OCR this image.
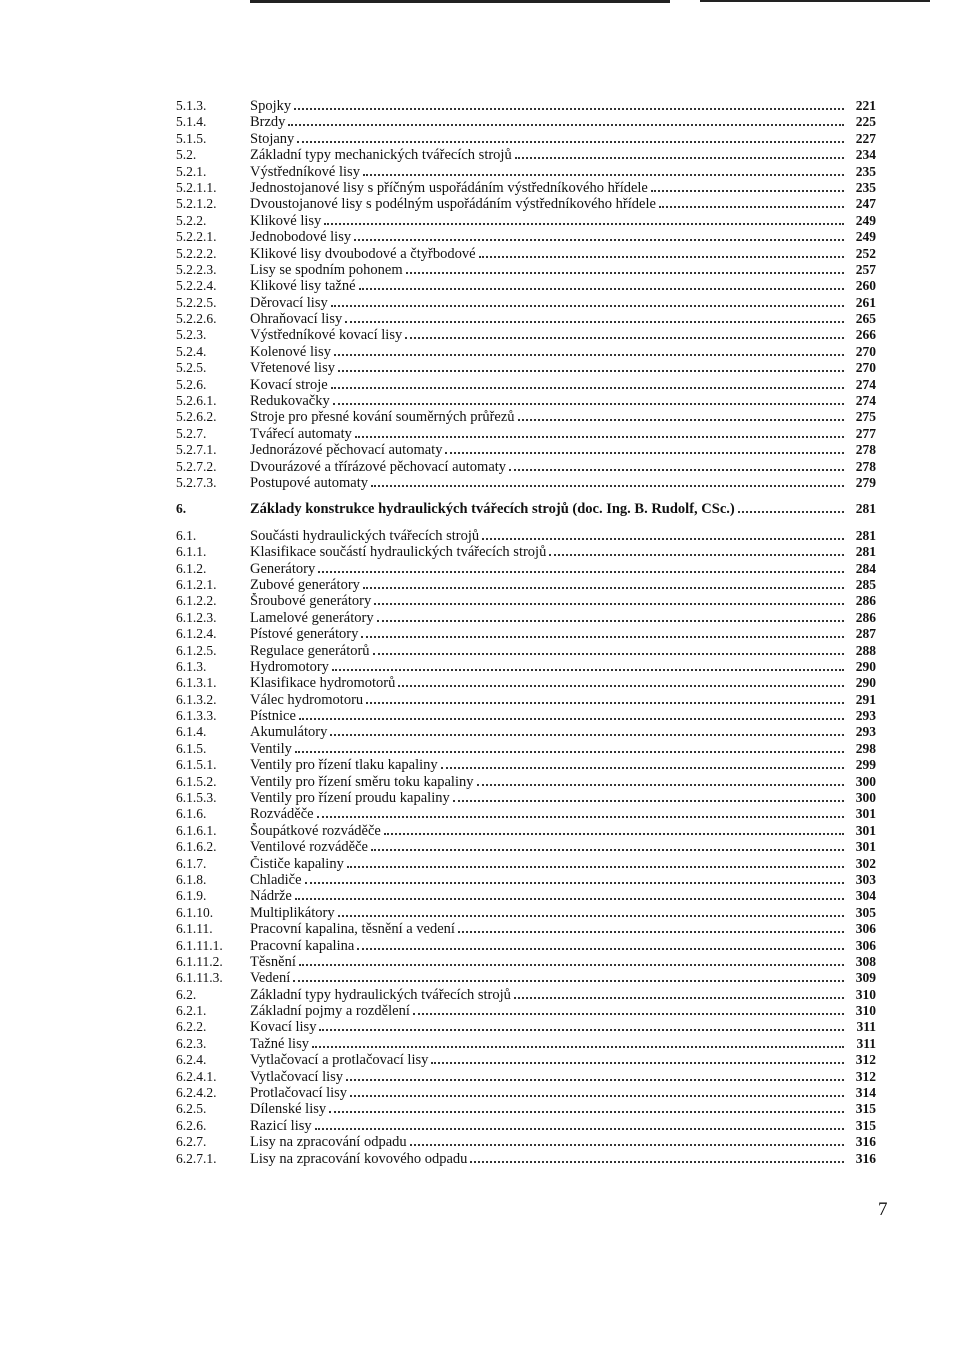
5.1.3.	Spojky	221
5.1.4.	Brzdy	225
5.1.5.	Stojany	227
5.2.	Základní typy mechanických tvářecích strojů	234
5.2.1.	Výstředníkové lisy	235
5.2.1.1.	Jednostojanové lisy s příčným uspořádáním výstředníkového hřídele	235
5.2.1.2.	Dvoustojanové lisy s podélným uspořádáním výstředníkového hřídele	247
5.2.2.	Klikové lisy	249
5.2.2.1.	Jednobodové lisy	249
5.2.2.2.	Klikové lisy dvoubodové a čtyřbodové	252
5.2.2.3.	Lisy se spodním pohonem	257
5.2.2.4.	Klikové lisy tažné	260
5.2.2.5.	Děrovací lisy	261
5.2.2.6.	Ohraňovací lisy	265
5.2.3.	Výstředníkové kovací lisy	266
5.2.4.	Kolenové lisy	270
5.2.5.	Vřetenové lisy	270
5.2.6.	Kovací stroje	274
5.2.6.1.	Redukovačky	274
5.2.6.2.	Stroje pro přesné kování souměrných průřezů	275
5.2.7.	Tvářecí automaty	277
5.2.7.1.	Jednorázové pěchovací automaty	278
5.2.7.2.	Dvourázové a třírázové pěchovací automaty	278
5.2.7.3.	Postupové automaty	279
6.	Základy konstrukce hydraulických tvářecích strojů (doc. Ing. B. Rudolf, CSc.)	281
6.1.	Součásti hydraulických tvářecích strojů	281
6.1.1.	Klasifikace součástí hydraulických tvářecích strojů	281
6.1.2.	Generátory	284
6.1.2.1.	Zubové generátory	285
6.1.2.2.	Šroubové generátory	286
6.1.2.3.	Lamelové generátory	286
6.1.2.4.	Pístové generátory	287
6.1.2.5.	Regulace generátorů	288
6.1.3.	Hydromotory	290
6.1.3.1.	Klasifikace hydromotorů	290
6.1.3.2.	Válec hydromotoru	291
6.1.3.3.	Pístnice	293
6.1.4.	Akumulátory	293
6.1.5.	Ventily	298
6.1.5.1.	Ventily pro řízení tlaku kapaliny	299
6.1.5.2.	Ventily pro řízení směru toku kapaliny	300
6.1.5.3.	Ventily pro řízení proudu kapaliny	300
6.1.6.	Rozváděče	301
6.1.6.1.	Šoupátkové rozváděče	301
6.1.6.2.	Ventilové rozváděče	301
6.1.7.	Čističe kapaliny	302
6.1.8.	Chladiče	303
6.1.9.	Nádrže	304
6.1.10.	Multiplikátory	305
6.1.11.	Pracovní kapalina, těsnění a vedení	306
6.1.11.1.	Pracovní kapalina	306
6.1.11.2.	Těsnění	308
6.1.11.3.	Vedení	309
6.2.	Základní typy hydraulických tvářecích strojů	310
6.2.1.	Základní pojmy a rozdělení	310
6.2.2.	Kovací lisy	311
6.2.3.	Tažné lisy	311
6.2.4.	Vytlačovací a protlačovací lisy	312
6.2.4.1.	Vytlačovací lisy	312
6.2.4.2.	Protlačovací lisy	314
6.2.5.	Dílenské lisy	315
6.2.6.	Razicí lisy	315
6.2.7.	Lisy na zpracování odpadu	316
6.2.7.1.	Lisy na zpracování kovového odpadu	316
7
